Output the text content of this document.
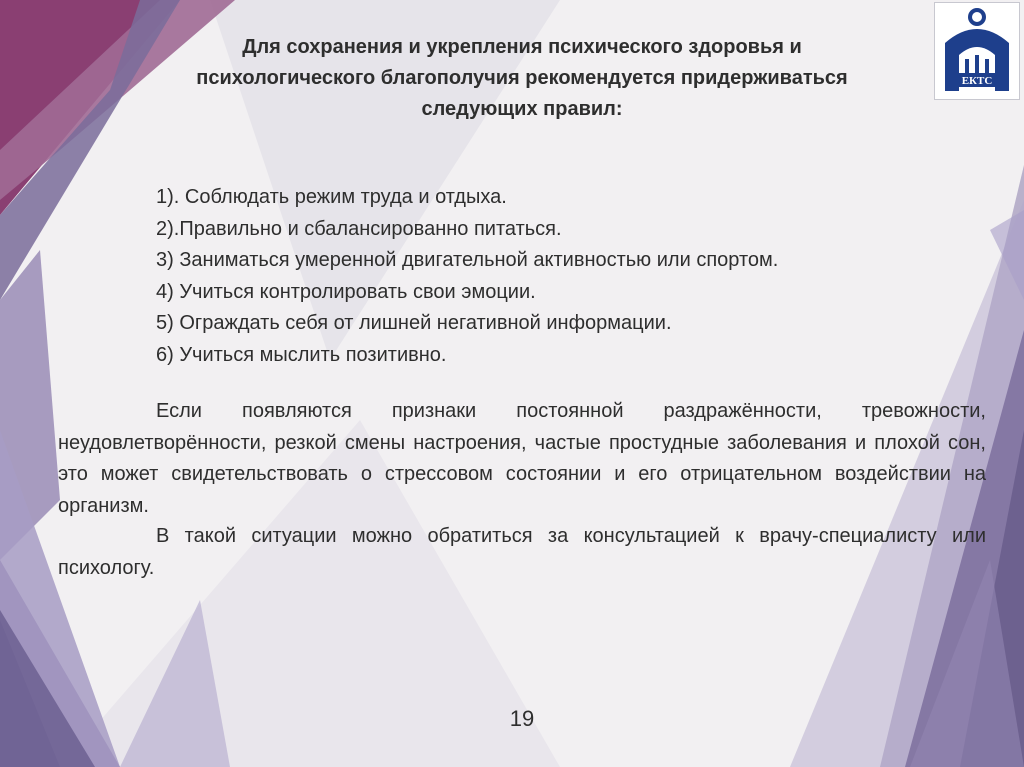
ЕКТС
Для сохранения и укрепления психического здоровья и
психологического благополучия рекомендуется придерживаться
следующих правил:
1). Соблюдать режим труда и отдыха.
2).Правильно и сбалансированно питаться.
3) Заниматься умеренной двигательной активностью или спортом.
4) Учиться контролировать свои эмоции.
5) Ограждать себя от лишней негативной информации.
6) Учиться мыслить позитивно.

Если появляются признаки постоянной раздражённости, тревожности, неудовлетворённости, резкой смены настроения, частые простудные заболевания и плохой сон, это может свидетельствовать о стрессовом состоянии и его отрицательном воздействии на организм.

В такой ситуации можно обратиться за консультацией к врачу-специалисту или психологу.

19
